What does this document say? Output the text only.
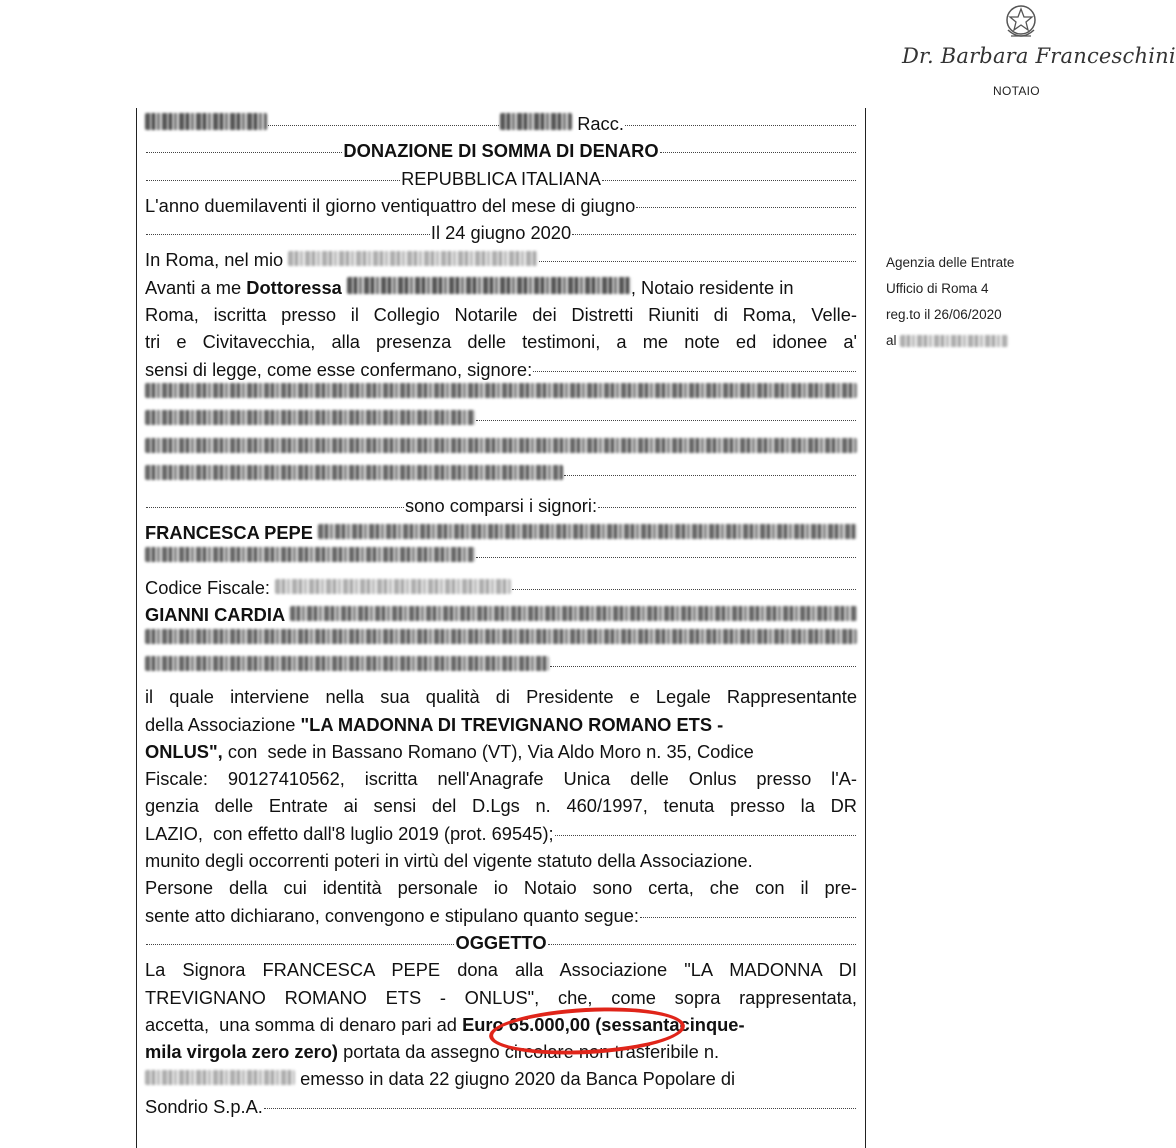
Dr. Barbara Franceschini
NOTAIO
Agenzia delle Entrate
Ufficio di Roma 4
reg.to il 26/06/2020
al

Racc.
DONAZIONE DI SOMMA DI DENARO
REPUBBLICA ITALIANA
L'anno duemilaventi il giorno ventiquattro del mese di giugno
Il 24 giugno 2020
In Roma, nel mio

Avanti a me
Dottoressa
	, Notaio residente in
Roma, iscritta presso il Collegio Notarile dei Distretti Riuniti di Roma, Velle-
tri e Civitavecchia, alla presenza delle testimoni, a me note ed idonee a'
sensi di legge, come esse confermano, signore:
sono comparsi i signori:
FRANCESCA PEPE

Codice Fiscale:

GIANNI CARDIA

il quale interviene nella sua qualità di Presidente e Legale Rappresentante
della Associazione "LA MADONNA DI TREVIGNANO ROMANO ETS -
ONLUS", con  sede in Bassano Romano (VT), Via Aldo Moro n. 35, Codice
Fiscale: 90127410562, iscritta nell'Anagrafe Unica delle Onlus presso l'A-
genzia delle Entrate ai sensi del D.Lgs n. 460/1997, tenuta presso la DR
LAZIO,  con effetto dall'8 luglio 2019 (prot. 69545);
munito degli occorrenti poteri in virtù del vigente statuto della Associazione.
Persone della cui identità personale io Notaio sono certa, che con il pre-
sente atto dichiarano, convengono e stipulano quanto segue:
OGGETTO
La Signora FRANCESCA PEPE dona alla Associazione "LA MADONNA DI
TREVIGNANO ROMANO ETS - ONLUS", che, come sopra rappresentata,
accetta,  una somma di denaro pari ad Euro 65.000,00 (sessantacinque-
mila virgola zero zero) portata da assegno circolare non trasferibile n.
emesso in data 22 giugno 2020 da Banca Popolare di
Sondrio S.p.A.
